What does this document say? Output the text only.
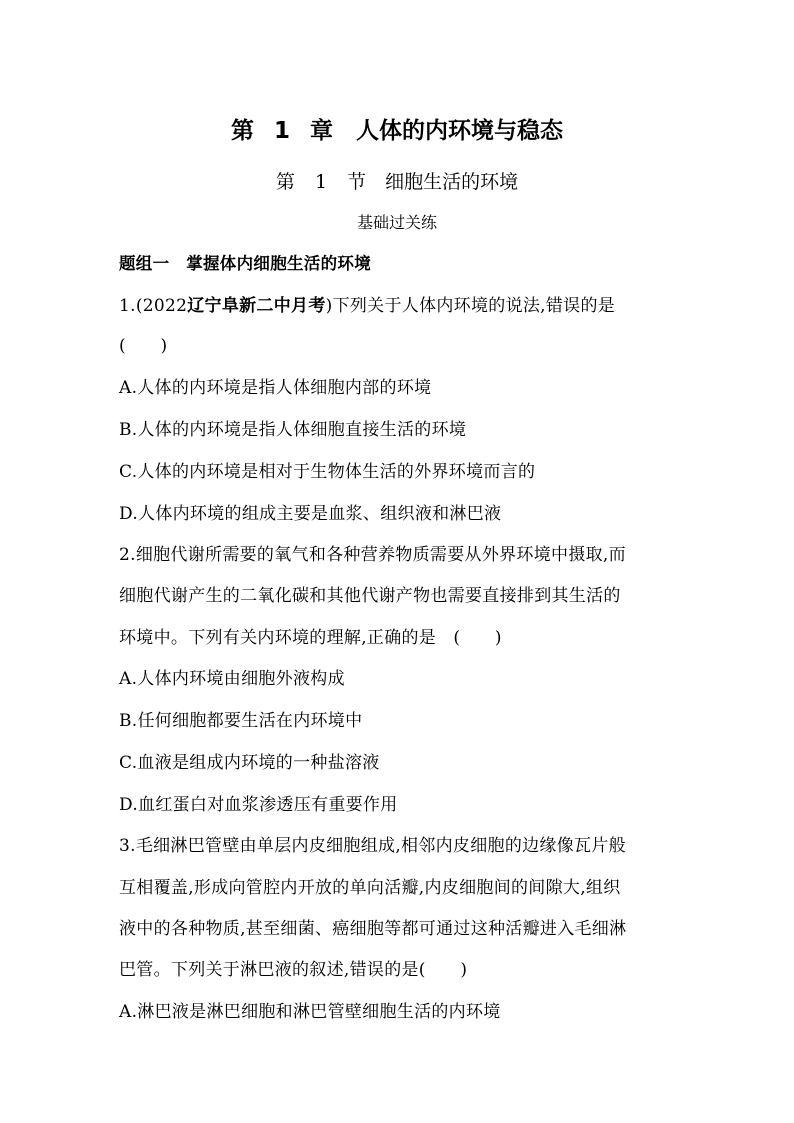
第 1 章　人体的内环境与稳态
第 1 节　细胞生活的环境
基础过关练
题组一　掌握体内细胞生活的环境
1.(2022辽宁阜新二中月考)下列关于人体内环境的说法,错误的是
(　　)
A.人体的内环境是指人体细胞内部的环境
B.人体的内环境是指人体细胞直接生活的环境
C.人体的内环境是相对于生物体生活的外界环境而言的
D.人体内环境的组成主要是血浆、组织液和淋巴液
2.细胞代谢所需要的氧气和各种营养物质需要从外界环境中摄取,而
细胞代谢产生的二氧化碳和其他代谢产物也需要直接排到其生活的
环境中。下列有关内环境的理解,正确的是　(　　)
A.人体内环境由细胞外液构成
B.任何细胞都要生活在内环境中
C.血液是组成内环境的一种盐溶液
D.血红蛋白对血浆渗透压有重要作用
3.毛细淋巴管壁由单层内皮细胞组成,相邻内皮细胞的边缘像瓦片般
互相覆盖,形成向管腔内开放的单向活瓣,内皮细胞间的间隙大,组织
液中的各种物质,甚至细菌、癌细胞等都可通过这种活瓣进入毛细淋
巴管。下列关于淋巴液的叙述,错误的是(　　)
A.淋巴液是淋巴细胞和淋巴管壁细胞生活的内环境
